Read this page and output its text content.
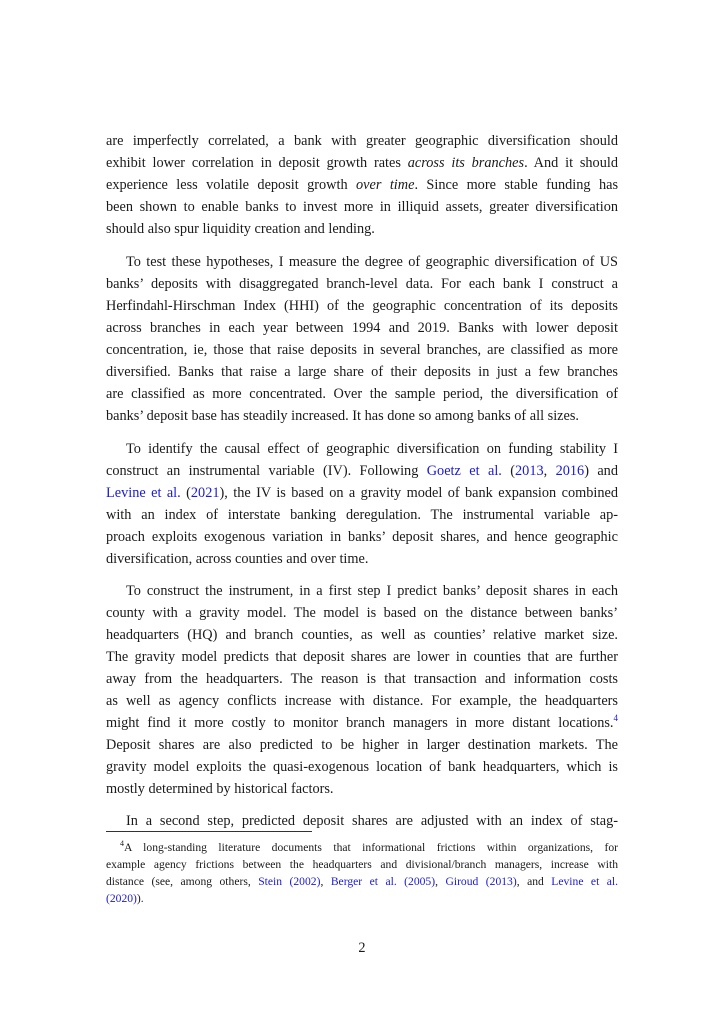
are imperfectly correlated, a bank with greater geographic diversification should
exhibit lower correlation in deposit growth rates across its branches. And it should
experience less volatile deposit growth over time. Since more stable funding has
been shown to enable banks to invest more in illiquid assets, greater diversification
should also spur liquidity creation and lending.
To test these hypotheses, I measure the degree of geographic diversification of US
banks’ deposits with disaggregated branch-level data. For each bank I construct a
Herfindahl-Hirschman Index (HHI) of the geographic concentration of its deposits
across branches in each year between 1994 and 2019. Banks with lower deposit
concentration, ie, those that raise deposits in several branches, are classified as more
diversified. Banks that raise a large share of their deposits in just a few branches
are classified as more concentrated. Over the sample period, the diversification of
banks’ deposit base has steadily increased. It has done so among banks of all sizes.
To identify the causal effect of geographic diversification on funding stability I
construct an instrumental variable (IV). Following Goetz et al. (2013, 2016) and
Levine et al. (2021), the IV is based on a gravity model of bank expansion combined
with an index of interstate banking deregulation. The instrumental variable ap-
proach exploits exogenous variation in banks’ deposit shares, and hence geographic
diversification, across counties and over time.
To construct the instrument, in a first step I predict banks’ deposit shares in each
county with a gravity model. The model is based on the distance between banks’
headquarters (HQ) and branch counties, as well as counties’ relative market size.
The gravity model predicts that deposit shares are lower in counties that are further
away from the headquarters. The reason is that transaction and information costs
as well as agency conflicts increase with distance. For example, the headquarters
might find it more costly to monitor branch managers in more distant locations.$^4$
Deposit shares are also predicted to be higher in larger destination markets. The
gravity model exploits the quasi-exogenous location of bank headquarters, which is
mostly determined by historical factors.
In a second step, predicted deposit shares are adjusted with an index of stag-
$^4$A long-standing literature documents that informational frictions within organizations, for
example agency frictions between the headquarters and divisional/branch managers, increase with
distance (see, among others, Stein (2002), Berger et al. (2005), Giroud (2013), and Levine et al.
(2020)).
2
